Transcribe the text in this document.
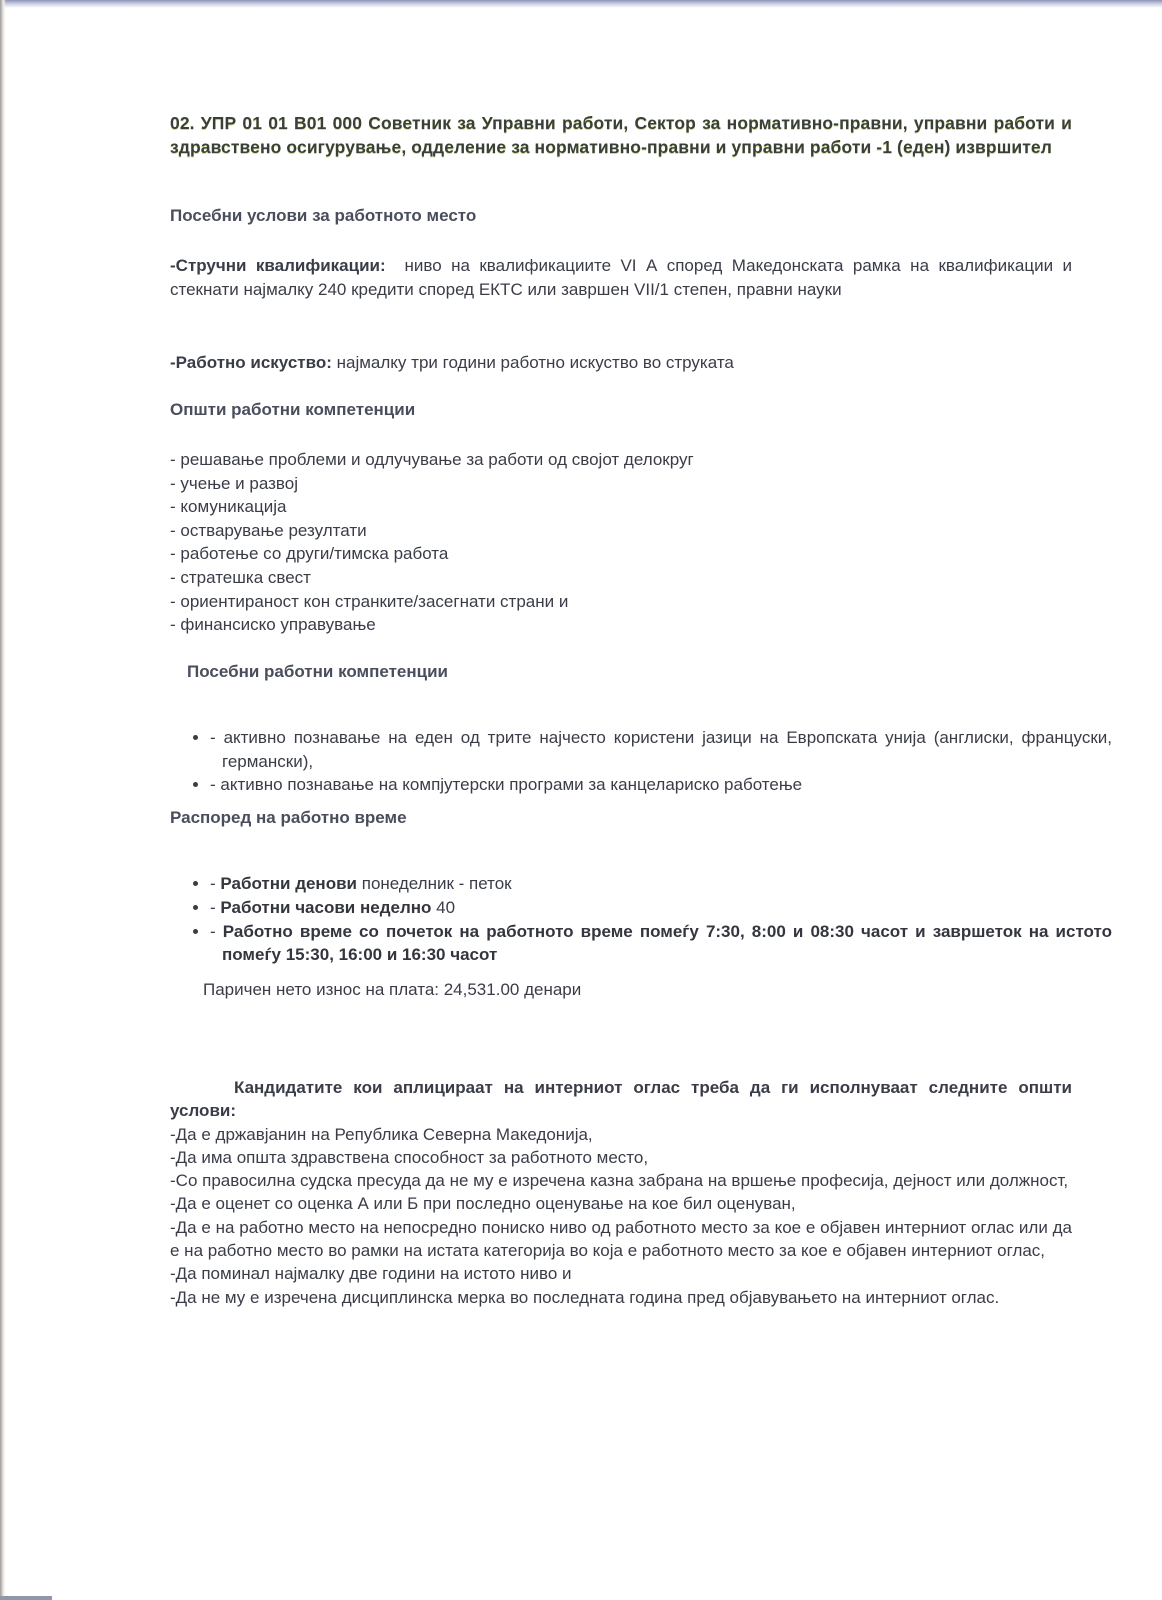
02. УПР 01 01 В01 000 Советник за Управни работи, Сектор за нормативно-правни, управни работи и здравствено осигурување, одделение за нормативно-правни и управни работи -1 (еден) извршител
Посебни услови за работното место
-Стручни квалификации: ниво на квалификациите VI А според Македонската рамка на квалификации и стекнати најмалку 240 кредити според ЕКТС или завршен VII/1 степен, правни науки
-Работно искуство: најмалку три години работно искуство во струката
Општи работни компетенции
- решавање проблеми и одлучување за работи од својот делокруг
- учење и развој
- комуникација
- остварување резултати
- работење со други/тимска работа
- стратешка свест
- ориентираност кон странките/засегнати страни и
- финансиско управување
Посебни работни компетенции
• - активно познавање на еден од трите најчесто користени јазици на Европската унија (англиски, француски, германски),
• - активно познавање на компјутерски програми за канцелариско работење
Распоред на работно време
• - Работни денови понеделник - петок
• - Работни часови неделно 40
• - Работно време со почеток на работното време помеѓу 7:30, 8:00 и 08:30 часот и завршеток на истото помеѓу 15:30, 16:00 и 16:30 часот
Паричен нето износ на плата: 24,531.00 денари

Кандидатите кои аплицираат на интерниот оглас треба да ги исполнуваат следните општи услови:

-Да е државјанин на Република Северна Македонија,

-Да има општа здравствена способност за работното место,

-Со правосилна судска пресуда да не му е изречена казна забрана на вршење професија, дејност или должност,

-Да е оценет со оценка А или Б при последно оценување на кое бил оценуван,

-Да е на работно место на непосредно пониско ниво од работното место за кое е објавен интерниот оглас или да е на работно место во рамки на истата категорија во која е работното место за кое е објавен интерниот оглас,

-Да поминал најмалку две години на истото ниво и

-Да не му е изречена дисциплинска мерка во последната година пред објавувањето на интерниот оглас.
